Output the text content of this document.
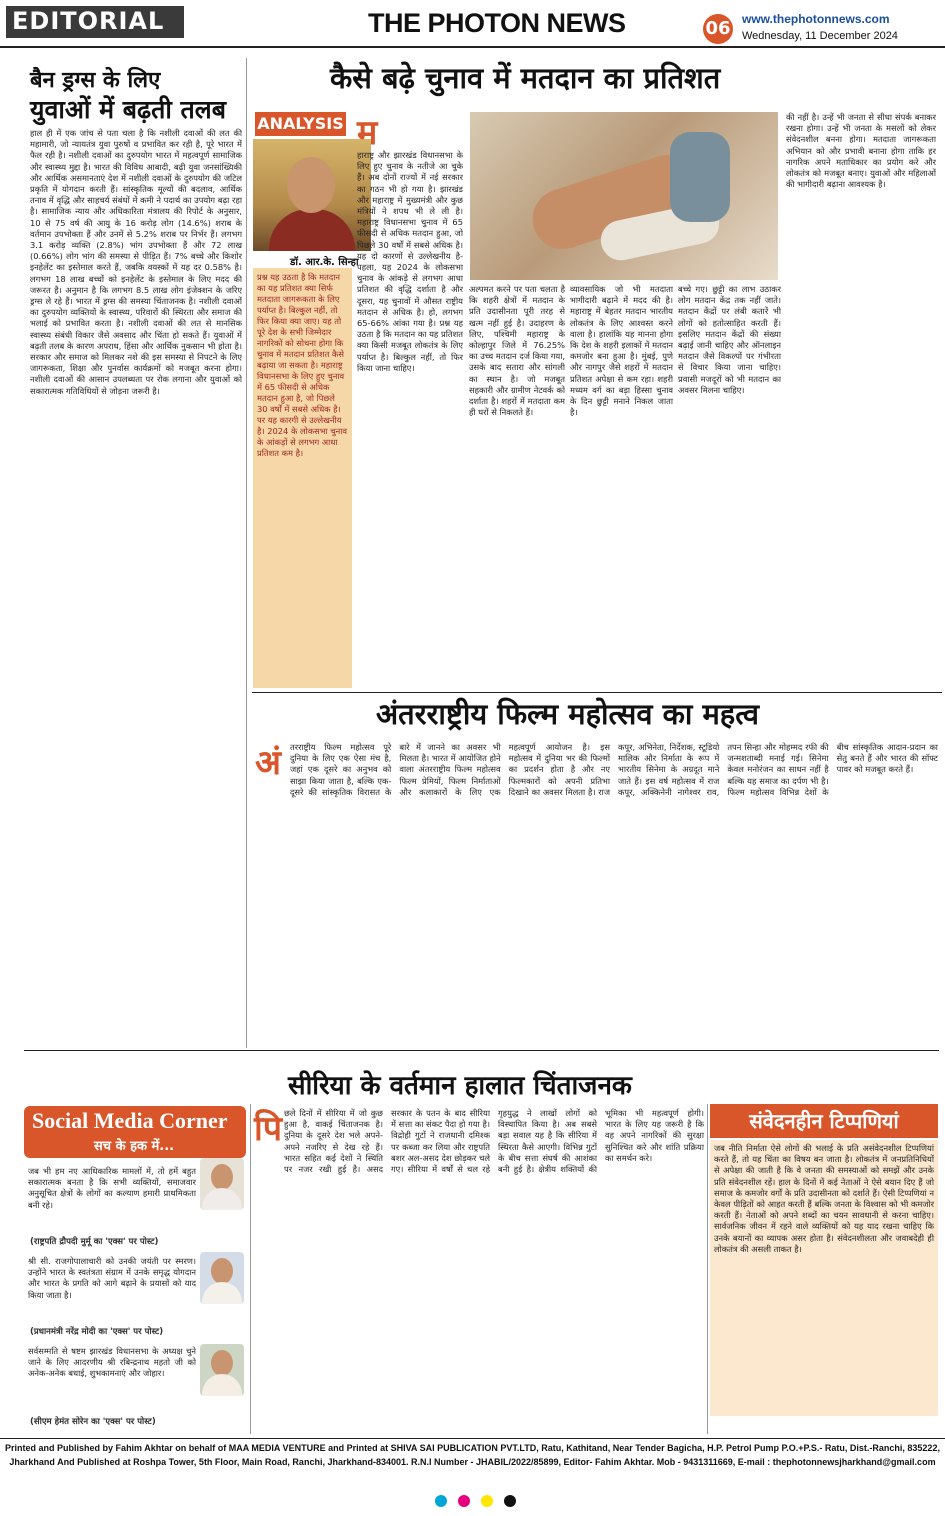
EDITORIAL	THE PHOTON NEWS	06 www.thephotonnews.com
Wednesday, 11 December 2024
बैन ड्रग्स के लिए
युवाओं में बढ़ती तलब
हाल ही में एक जांच से पता चला है कि नशीली दवाओं की लत की महामारी, जो न्यायतंत्र युवा पुरुषों व प्रभावित कर रही है, पूरे भारत में फैल रही है। नशीली दवाओं का दुरुपयोग भारत में महत्वपूर्ण सामाजिक और स्वास्थ्य मुद्दा है। भारत की विविध आबादी, बढ़ी युवा जनसांख्यिकी और आर्थिक असमानताएं देश में नशीली दवाओं के दुरुपयोग की जटिल प्रकृति में योगदान करती हैं। सांस्कृतिक मूल्यों की बदलाव, आर्थिक तनाव में वृद्धि और साहचर्य संबंधों में कमी ने पदार्थ का उपयोग बढ़ा रहा है। सामाजिक न्याय और अधिकारिता मंत्रालय की रिपोर्ट के अनुसार, 10 से 75 वर्ष की आयु के 16 करोड़ लोग (14.6%) शराब के वर्तमान उपभोक्ता हैं और उनमें से 5.2% शराब पर निर्भर हैं। लगभग 3.1 करोड़ व्यक्ति (2.8%) भांग उपभोक्ता हैं और 72 लाख (0.66%) लोग भांग की समस्या से पीड़ित हैं। 7% बच्चे और किशोर इनहेलेंट का इस्तेमाल करते हैं, जबकि वयस्कों में यह दर 0.58% है। लगभग 18 लाख बच्चों को इनहेलेंट के इस्तेमाल के लिए मदद की जरूरत है। अनुमान है कि लगभग 8.5 लाख लोग इंजेक्शन के जरिए ड्रग्स ले रहे हैं। भारत में ड्रग्स की समस्या चिंताजनक है। नशीली दवाओं का दुरुपयोग व्यक्तियों के स्वास्थ्य, परिवारों की स्थिरता और समाज की भलाई को प्रभावित करता है। नशीली दवाओं की लत से मानसिक स्वास्थ्य संबंधी विकार जैसे अवसाद और चिंता हो सकते हैं। युवाओं में बढ़ती तलब के कारण अपराध, हिंसा और आर्थिक नुकसान भी होता है। सरकार और समाज को मिलकर नशे की इस समस्या से निपटने के लिए जागरूकता, शिक्षा और पुनर्वास कार्यक्रमों को मजबूत करना होगा। नशीली दवाओं की आसान उपलब्धता पर रोक लगाना और युवाओं को सकारात्मक गतिविधियों से जोड़ना जरूरी है।
कैसे बढ़े चुनाव में मतदान का प्रतिशत
ANALYSIS
डॉ. आर.के. सिन्हा
प्रश्न यह उठता है कि मतदान का यह प्रतिशत क्या सिर्फ मतदाता जागरूकता के लिए पर्याप्त है। बिल्कुल नहीं, तो फिर किया क्या जाए। यह तो पूरे देश के सभी जिम्मेदार नागरिकों को सोचना होगा कि चुनाव में मतदान प्रतिशत कैसे बढ़ाया जा सकता है। महाराष्ट्र विधानसभा के लिए हुए चुनाव में 65 फीसदी से अधिक मतदान हुआ है, जो पिछले 30 वर्षों में सबसे अधिक है। पर यह कारगी से उल्लेखनीय है। 2024 के लोकसभा चुनाव के आंकड़ों से लगभग आधा प्रतिशत कम है।
म
हाराष्ट्र और झारखंड विधानसभा के लिए हुए चुनाव के नतीजे आ चुके हैं। अब दोनों राज्यों में नई सरकार का गठन भी हो गया है। झारखंड और महाराष्ट्र में मुख्यमंत्री और कुछ मंत्रियों ने शपथ भी ले ली है। महाराष्ट्र विधानसभा चुनाव में 65 फीसदी से अधिक मतदान हुआ, जो पिछले 30 वर्षों में सबसे अधिक है। यह दो कारणों से उल्लेखनीय है- पहला, यह 2024 के लोकसभा चुनाव के आंकड़े से लगभग आधा प्रतिशत की वृद्धि दर्शाता है और दूसरा, यह चुनावों में औसत राष्ट्रीय मतदान से अधिक है। हो, लगभग 65-66% आंका गया है। प्रश्न यह उठता है कि मतदान का यह प्रतिशत क्या किसी मजबूत लोकतंत्र के लिए पर्याप्त है। बिल्कुल नहीं, तो फिर किया जाना चाहिए।
अल्पमत करने पर पता चलता है कि शहरी क्षेत्रों में मतदान के प्रति उदासीनता पूरी तरह से खत्म नहीं हुई है। उदाहरण के लिए, पश्चिमी महाराष्ट्र के कोल्हापुर जिले में 76.25% का उच्च मतदान दर्ज किया गया, उसके बाद सतारा और सांगली का स्थान है। जो मजबूत सहकारी और ग्रामीण नेटवर्क को दर्शाता है। शहरों में मतदाता कम ही घरों से निकलते हैं।
व्यावसायिक जो भी मतदाता भागीदारी बढ़ाने में मदद की है। महाराष्ट्र में बेहतर मतदान भारतीय लोकतंत्र के लिए आश्वस्त करने वाला है। हालांकि यह मानना होगा कि देश के शहरी इलाकों में मतदान कमजोर बना हुआ है। मुंबई, पुणे और नागपुर जैसे शहरों में मतदान प्रतिशत अपेक्षा से कम रहा। शहरी मध्यम वर्ग का बड़ा हिस्सा चुनाव के दिन छुट्टी मनाने निकल जाता है।
बच्चे गए। छुट्टी का लाभ उठाकर लोग मतदान केंद्र तक नहीं जाते। मतदान केंद्रों पर लंबी कतारें भी लोगों को हतोत्साहित करती हैं। इसलिए मतदान केंद्रों की संख्या बढ़ाई जानी चाहिए और ऑनलाइन मतदान जैसे विकल्पों पर गंभीरता से विचार किया जाना चाहिए। प्रवासी मजदूरों को भी मतदान का अवसर मिलना चाहिए।
की नहीं है। उन्हें भी जनता से सीधा संपर्क बनाकर रखना होगा। उन्हें भी जनता के मसलों को लेकर संवेदनशील बनना होगा। मतदाता जागरूकता अभियान को और प्रभावी बनाना होगा ताकि हर नागरिक अपने मताधिकार का प्रयोग करे और लोकतंत्र को मजबूत बनाए। युवाओं और महिलाओं की भागीदारी बढ़ाना आवश्यक है।
अंतरराष्ट्रीय फिल्म महोत्सव का महत्व
अं तरराष्ट्रीय फिल्म महोत्सव पूरे दुनिया के लिए एक ऐसा मंच है, जहां एक दूसरे का अनुभव को साझा किया जाता है, बल्कि एक-दूसरे की सांस्कृतिक विरासत के बारे में जानने का अवसर भी मिलता है। भारत में आयोजित होने वाला अंतरराष्ट्रीय फिल्म महोत्सव फिल्म प्रेमियों, फिल्म निर्माताओं और कलाकारों के लिए एक महत्वपूर्ण आयोजन है। इस महोत्सव में दुनिया भर की फिल्मों का प्रदर्शन होता है और नए फिल्मकारों को अपनी प्रतिभा दिखाने का अवसर मिलता है। राज कपूर, अभिनेता, निर्देशक, स्टूडियो मालिक और निर्माता के रूप में भारतीय सिनेमा के अग्रदूत माने जाते हैं। इस वर्ष महोत्सव में राज कपूर, अक्किनेनी नागेश्वर राव, तपन सिन्हा और मोहम्मद रफी की जन्मशताब्दी मनाई गई। सिनेमा केवल मनोरंजन का साधन नहीं है बल्कि यह समाज का दर्पण भी है। फिल्म महोत्सव विभिन्न देशों के बीच सांस्कृतिक आदान-प्रदान का सेतु बनते हैं और भारत की सॉफ्ट पावर को मजबूत करते हैं।
Social Media Corner
सच के हक में...
जब भी हम नए आधिकारिक मामलों में, तो हमें बहुत सकारात्मक बनता है कि सभी व्यक्तियों, समाजवार अनुसूचित क्षेत्रों के लोगों का कल्याण हमारी प्राथमिकता बनी रहे।
(राष्ट्रपति द्रौपदी मुर्मू का 'एक्स' पर पोस्ट)
श्री सी. राजगोपालाचारी को उनकी जयंती पर स्मरण। उन्होंने भारत के स्वतंत्रता संग्राम में उनके समृद्ध योगदान और भारत के प्रगति को आगे बढ़ाने के प्रयासों को याद किया जाता है।
(प्रधानमंत्री नरेंद्र मोदी का 'एक्स' पर पोस्ट)
सर्वसम्मति से षष्टम झारखंड विधानसभा के अध्यक्ष चुने जाने के लिए आदरणीय श्री रबिन्द्रनाथ महतो जी को अनेक-अनेक बधाई, शुभकामनाएं और जोहार।
(सीएम हेमंत सोरेन का 'एक्स' पर पोस्ट)
सीरिया के वर्तमान हालात चिंताजनक
पि छले दिनों में सीरिया में जो कुछ हुआ है, वाकई चिंताजनक है। दुनिया के दूसरे देश भले अपने-अपने नजरिए से देख रहे हैं। भारत सहित कई देशों ने स्थिति पर नजर रखी हुई है। असद सरकार के पतन के बाद सीरिया में सत्ता का संकट पैदा हो गया है। विद्रोही गुटों ने राजधानी दमिश्क पर कब्जा कर लिया और राष्ट्रपति बशर अल-असद देश छोड़कर चले गए। सीरिया में वर्षों से चल रहे गृहयुद्ध ने लाखों लोगों को विस्थापित किया है। अब सबसे बड़ा सवाल यह है कि सीरिया में स्थिरता कैसे आएगी। विभिन्न गुटों के बीच सत्ता संघर्ष की आशंका बनी हुई है। क्षेत्रीय शक्तियों की भूमिका भी महत्वपूर्ण होगी। भारत के लिए यह जरूरी है कि वह अपने नागरिकों की सुरक्षा सुनिश्चित करे और शांति प्रक्रिया का समर्थन करे।
संवेदनहीन टिप्पणियां
जब नीति निर्माता ऐसे लोगों की भलाई के प्रति असंवेदनशील टिप्पणियां करते हैं, तो यह चिंता का विषय बन जाता है। लोकतंत्र में जनप्रतिनिधियों से अपेक्षा की जाती है कि वे जनता की समस्याओं को समझें और उनके प्रति संवेदनशील रहें। हाल के दिनों में कई नेताओं ने ऐसे बयान दिए हैं जो समाज के कमजोर वर्गों के प्रति उदासीनता को दर्शाते हैं। ऐसी टिप्पणियां न केवल पीड़ितों को आहत करती हैं बल्कि जनता के विश्वास को भी कमजोर करती हैं। नेताओं को अपने शब्दों का चयन सावधानी से करना चाहिए। सार्वजनिक जीवन में रहने वाले व्यक्तियों को यह याद रखना चाहिए कि उनके बयानों का व्यापक असर होता है। संवेदनशीलता और जवाबदेही ही लोकतंत्र की असली ताकत है।
Printed and Published by Fahim Akhtar on behalf of MAA MEDIA VENTURE and Printed at SHIVA SAI PUBLICATION PVT.LTD, Ratu, Kathitand, Near Tender Bagicha, H.P. Petrol Pump P.O.+P.S.- Ratu, Dist.-Ranchi, 835222,
Jharkhand And Published at Roshpa Tower, 5th Floor, Main Road, Ranchi, Jharkhand-834001. R.N.I Number - JHABIL/2022/85899, Editor- Fahim Akhtar. Mob - 9431311669, E-mail : thephotonnewsjharkhand@gmail.com
